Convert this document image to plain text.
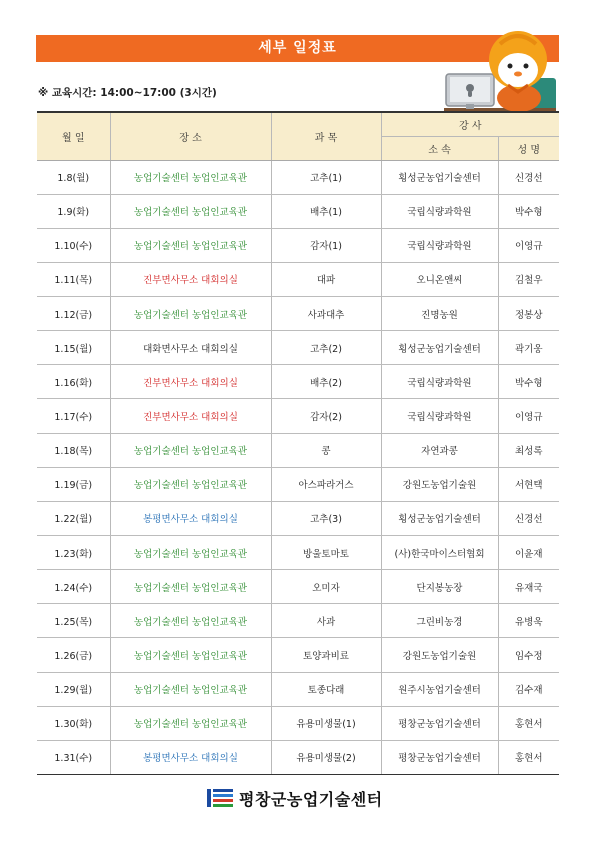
세부 일정표
※ 교육시간: 14:00~17:00 (3시간)
월 일	장 소	과 목	강 사	
			소 속	성 명
1.8(월)	농업기술센터 농업인교육관	고추(1)	횡성군농업기술센터	신경선
1.9(화)	농업기술센터 농업인교육관	배추(1)	국립식량과학원	박수형
1.10(수)	농업기술센터 농업인교육관	감자(1)	국립식량과학원	이영규
1.11(목)	진부면사무소 대회의실	대파	오니온앤씨	김철우
1.12(금)	농업기술센터 농업인교육관	사과대추	진명농원	정봉상
1.15(월)	대화면사무소 대회의실	고추(2)	횡성군농업기술센터	곽기웅
1.16(화)	진부면사무소 대회의실	배추(2)	국립식량과학원	박수형
1.17(수)	진부면사무소 대회의실	감자(2)	국립식량과학원	이영규
1.18(목)	농업기술센터 농업인교육관	콩	자연과콩	최성록
1.19(금)	농업기술센터 농업인교육관	아스파라거스	강원도농업기술원	서현택
1.22(월)	봉평면사무소 대회의실	고추(3)	횡성군농업기술센터	신경선
1.23(화)	농업기술센터 농업인교육관	방울토마토	(사)한국마이스터협회	이윤재
1.24(수)	농업기술센터 농업인교육관	오미자	단지봉농장	유재국
1.25(목)	농업기술센터 농업인교육관	사과	그린비농경	유병욱
1.26(금)	농업기술센터 농업인교육관	토양과비료	강원도농업기술원	임수정
1.29(월)	농업기술센터 농업인교육관	토종다래	원주시농업기술센터	김수재
1.30(화)	농업기술센터 농업인교육관	유용미생물(1)	평창군농업기술센터	홍현서
1.31(수)	봉평면사무소 대회의실	유용미생물(2)	평창군농업기술센터	홍현서
평창군농업기술센터
